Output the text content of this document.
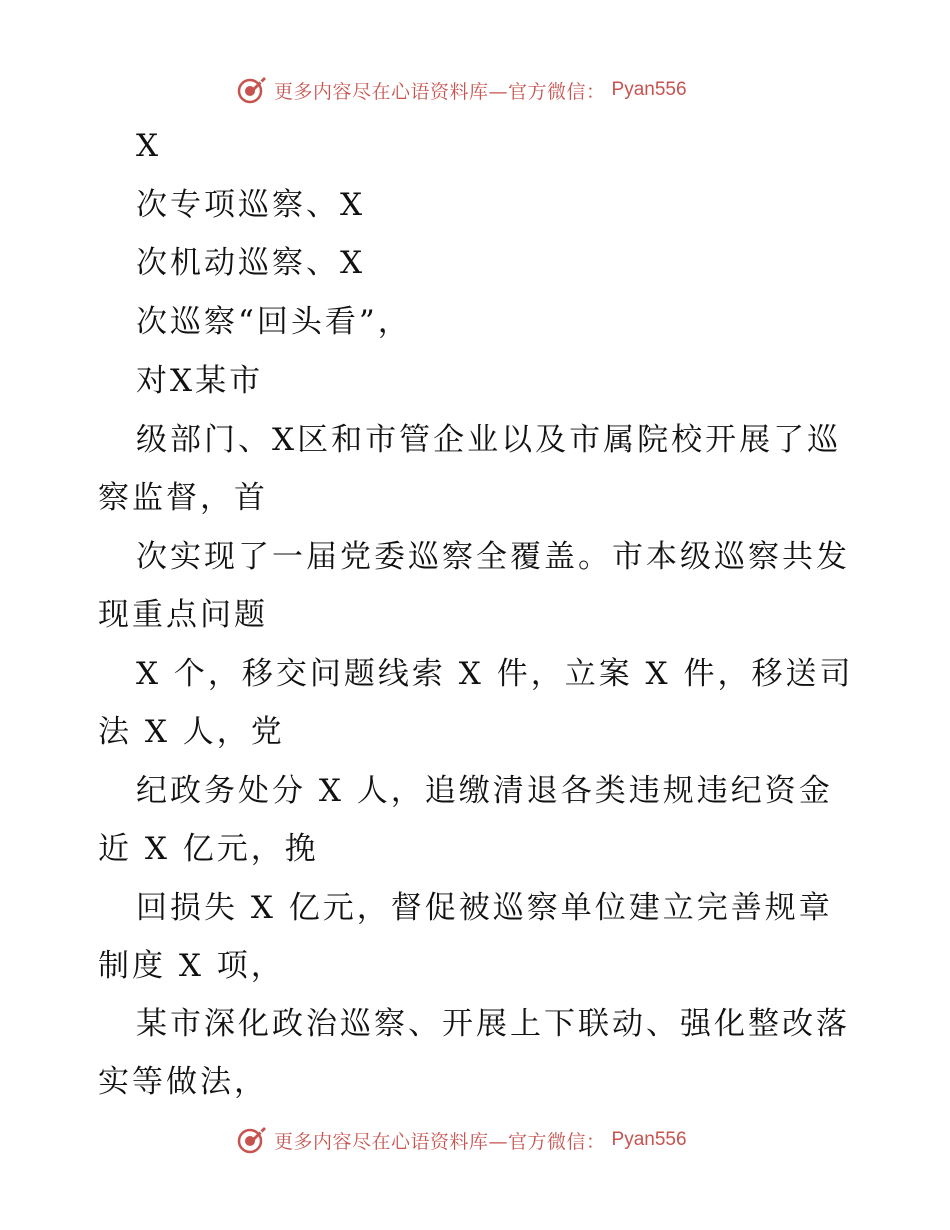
更多内容尽在心语资料库—官方微信： Pyan556
X
次专项巡察、X
次机动巡察、X
次巡察“回头看”，
对X某市
级部门、X区和市管企业以及市属院校开展了巡
察监督，首
次实现了一届党委巡察全覆盖。市本级巡察共发
现重点问题
X 个，移交问题线索 X 件，立案 X 件，移送司
法 X 人，党
纪政务处分 X 人，追缴清退各类违规违纪资金
近 X 亿元，挽
回损失 X 亿元，督促被巡察单位建立完善规章
制度 X 项，
某市深化政治巡察、开展上下联动、强化整改落
实等做法，
更多内容尽在心语资料库—官方微信： Pyan556
